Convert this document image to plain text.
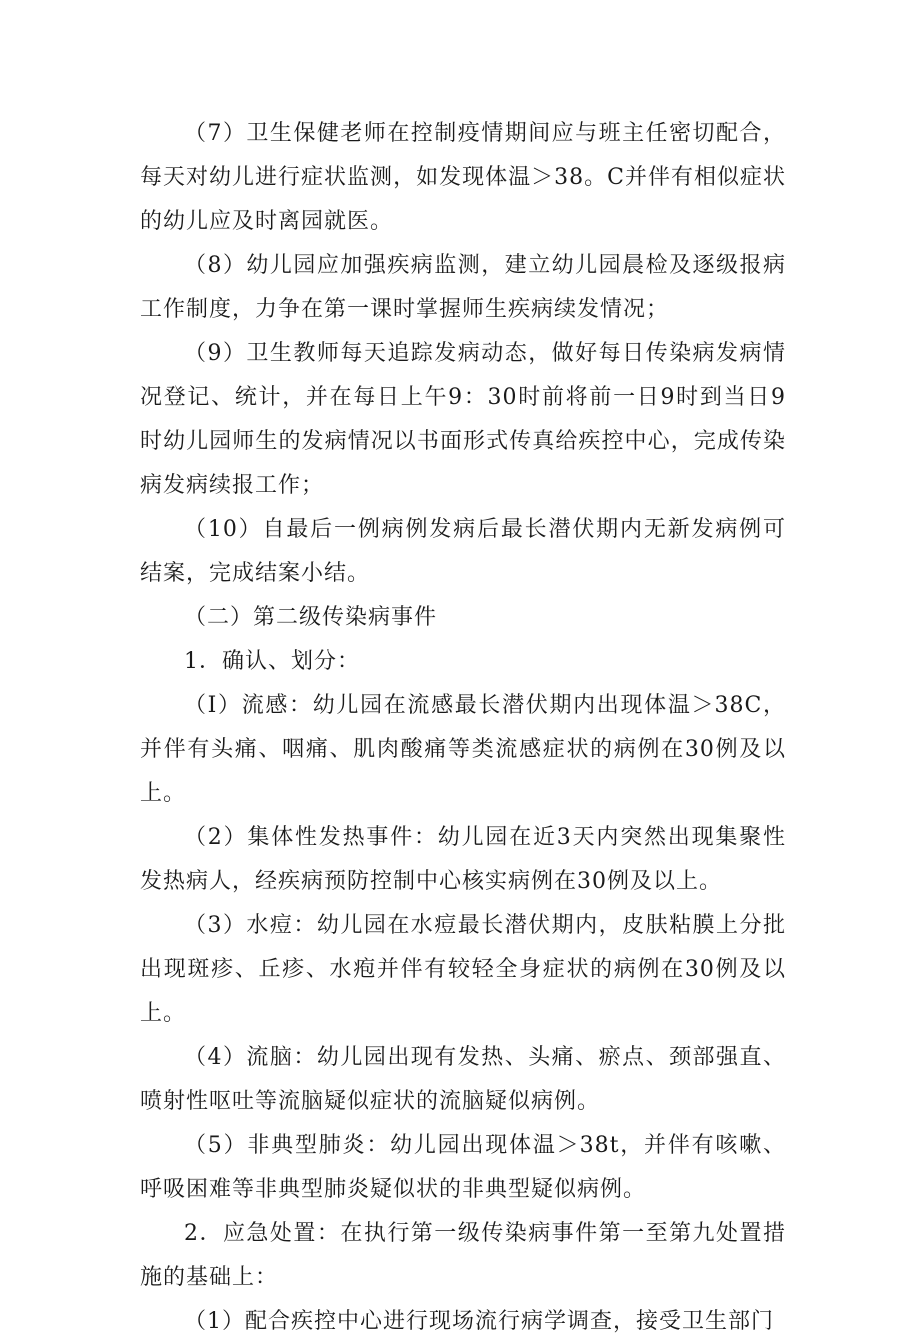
（7）卫生保健老师在控制疫情期间应与班主任密切配合，每天对幼儿进行症状监测，如发现体温＞38。C并伴有相似症状的幼儿应及时离园就医。

（8）幼儿园应加强疾病监测，建立幼儿园晨检及逐级报病工作制度，力争在第一课时掌握师生疾病续发情况；

（9）卫生教师每天追踪发病动态，做好每日传染病发病情况登记、统计，并在每日上午9：30时前将前一日9时到当日9时幼儿园师生的发病情况以书面形式传真给疾控中心，完成传染病发病续报工作；

（10）自最后一例病例发病后最长潜伏期内无新发病例可结案，完成结案小结。

（二）第二级传染病事件

1．确认、划分：

（I）流感：幼儿园在流感最长潜伏期内出现体温＞38C，并伴有头痛、咽痛、肌肉酸痛等类流感症状的病例在30例及以上。

（2）集体性发热事件：幼儿园在近3天内突然出现集聚性发热病人，经疾病预防控制中心核实病例在30例及以上。

（3）水痘：幼儿园在水痘最长潜伏期内，皮肤粘膜上分批出现斑疹、丘疹、水疱并伴有较轻全身症状的病例在30例及以上。

（4）流脑：幼儿园出现有发热、头痛、瘀点、颈部强直、喷射性呕吐等流脑疑似症状的流脑疑似病例。

（5）非典型肺炎：幼儿园出现体温＞38t，并伴有咳嗽、呼吸困难等非典型肺炎疑似状的非典型疑似病例。

2．应急处置：在执行第一级传染病事件第一至第九处置措施的基础上：

（1）配合疾控中心进行现场流行病学调查，接受卫生部门
